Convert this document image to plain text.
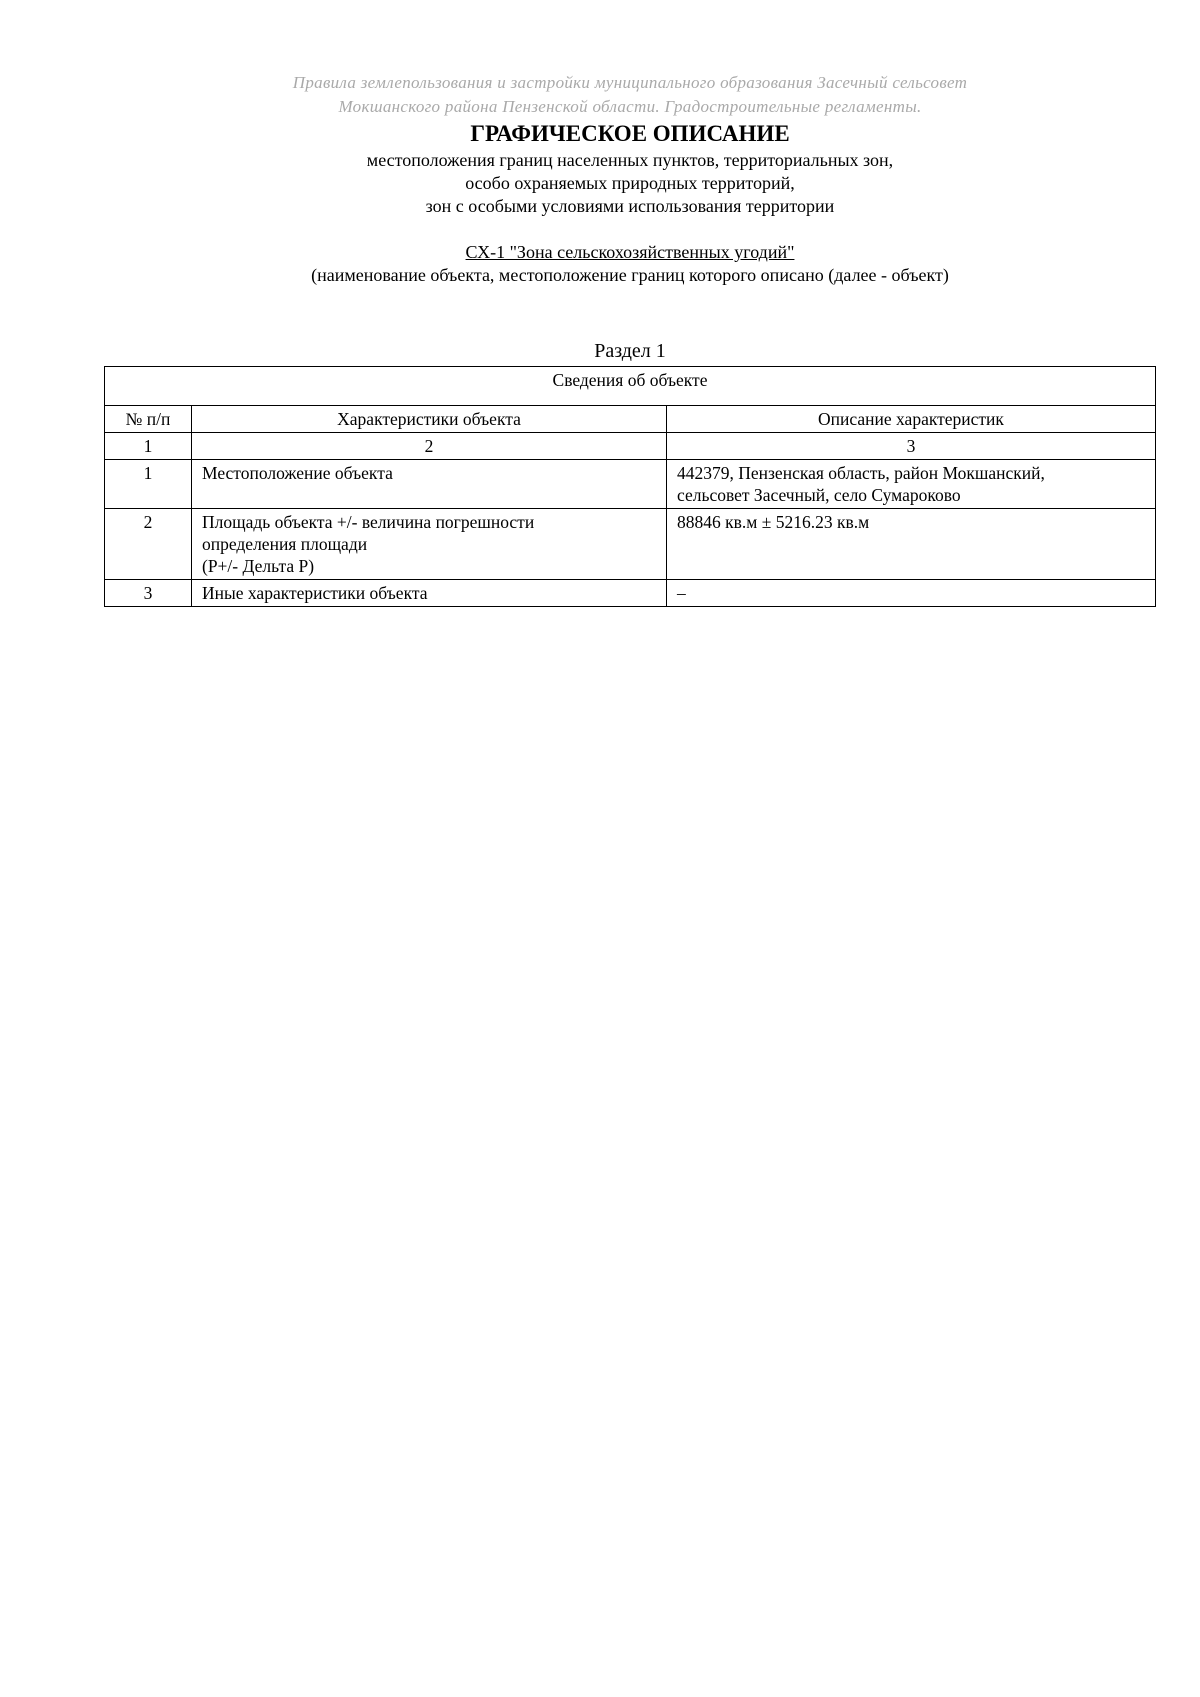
Правила землепользования и застройки муниципального образования Засечный сельсовет
Мокшанского района Пензенской области. Градостроительные регламенты.
ГРАФИЧЕСКОЕ ОПИСАНИЕ
местоположения границ населенных пунктов, территориальных зон,
особо охраняемых природных территорий,
зон с особыми условиями использования территории
СХ-1 "Зона сельскохозяйственных угодий"
(наименование объекта, местоположение границ которого описано (далее - объект)
Раздел 1
Сведения об объекте		
№ п/п	Характеристики объекта	Описание характеристик
1	2	3
1	Местоположение объекта	442379, Пензенская область, район Мокшанский,
сельсовет Засечный, село Сумароково

2	Площадь объекта +/- величина погрешности
определения площади
(P+/- Дельта P)	88846 кв.м ± 5216.23 кв.м

3	Иные характеристики объекта	–
